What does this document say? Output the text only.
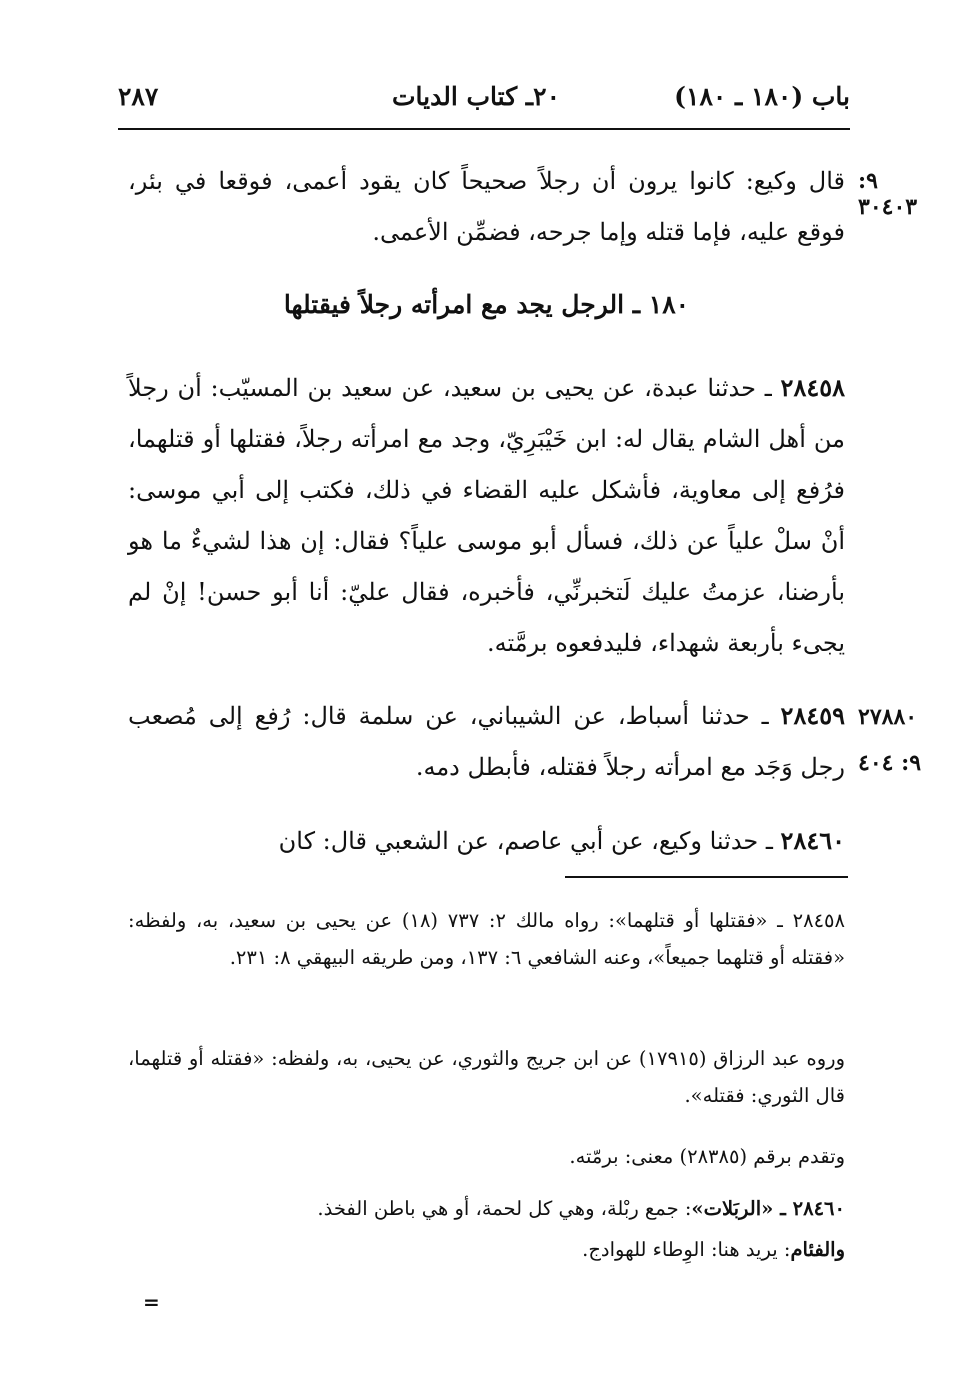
باب (١٨٠ ـ ١٨٠)
٢٠ـ كتاب الديات
٢٨٧
٩: ٣٠٤٠٣
قال وكيع: كانوا يرون أن رجلاً صحيحاً كان يقود أعمى، فوقعا في بئر، فوقع عليه، فإما قتله وإما جرحه، فضمِّن الأعمى.
١٨٠ ـ الرجل يجد مع امرأته رجلاً فيقتلها
٢٨٤٥٨ ـ حدثنا عبدة، عن يحيى بن سعيد، عن سعيد بن المسيّب: أن رجلاً من أهل الشام يقال له: ابن خَيْبَرِيّ، وجد مع امرأته رجلاً، فقتلها أو قتلهما، فرُفع إلى معاوية، فأشكل عليه القضاء في ذلك، فكتب إلى أبي موسى: أنْ سلْ علياً عن ذلك، فسأل أبو موسى علياً؟ فقال: إن هذا لشيءٌ ما هو بأرضنا، عزمتُ عليك لَتخبرنِّي، فأخبره، فقال عليّ: أنا أبو حسن! إنْ لم يجىء بأربعة شهداء، فليدفعوه برمَّته.
٢٧٨٨٠
٩: ٤٠٤
٢٨٤٥٩ ـ حدثنا أسباط، عن الشيباني، عن سلمة قال: رُفع إلى مُصعب رجل وَجَد مع امرأته رجلاً فقتله، فأبطل دمه.
٢٨٤٦٠ ـ حدثنا وكيع، عن أبي عاصم، عن الشعبي قال: كان
٢٨٤٥٨ ـ «فقتلها أو قتلهما»: رواه مالك ٢: ٧٣٧ (١٨) عن يحيى بن سعيد، به، ولفظه: «فقتله أو قتلهما جميعاً»، وعنه الشافعي ٦: ١٣٧، ومن طريقه البيهقي ٨: ٢٣١.
وروه عبد الرزاق (١٧٩١٥) عن ابن جريج والثوري، عن يحيى، به، ولفظه: «فقتله أو قتلهما، قال الثوري: فقتله».
وتقدم برقم (٢٨٣٨٥) معنى: برمّته.
٢٨٤٦٠ ـ «الربَلات»: جمع ربْلة، وهي كل لحمة، أو هي باطن الفخذ.
والفئام: يريد هنا: الوِطاء للهوادج.
=
